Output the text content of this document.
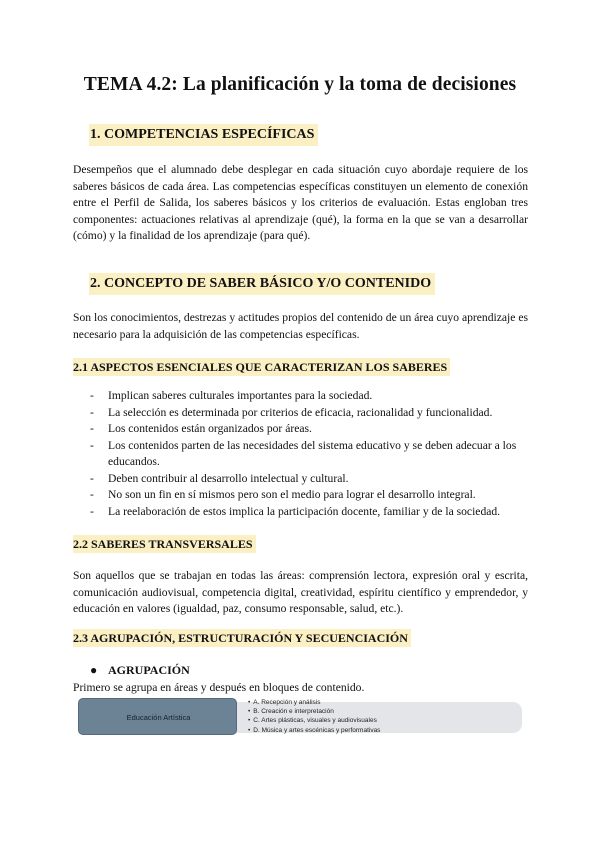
TEMA 4.2: La planificación y la toma de decisiones
1. COMPETENCIAS ESPECÍFICAS

Desempeños que el alumnado debe desplegar en cada situación cuyo abordaje requiere de los saberes básicos de cada área. Las competencias específicas constituyen un elemento de conexión entre el Perfil de Salida, los saberes básicos y los criterios de evaluación. Estas engloban tres componentes: actuaciones relativas al aprendizaje (qué), la forma en la que se van a desarrollar (cómo) y la finalidad de los aprendizaje (para qué).

2. CONCEPTO DE SABER BÁSICO Y/O CONTENIDO

Son los conocimientos, destrezas y actitudes propios del contenido de un área cuyo aprendizaje es necesario para la adquisición de las competencias específicas.

2.1 ASPECTOS ESENCIALES QUE CARACTERIZAN LOS SABERES
- Implican saberes culturales importantes para la sociedad.
- La selección es determinada por criterios de eficacia, racionalidad y funcionalidad.
- Los contenidos están organizados por áreas.
- Los contenidos parten de las necesidades del sistema educativo y se deben adecuar a los educandos.
- Deben contribuir al desarrollo intelectual y cultural.
- No son un fin en sí mismos pero son el medio para lograr el desarrollo integral.
- La reelaboración de estos implica la participación docente, familiar y de la sociedad.
2.2 SABERES TRANSVERSALES

Son aquellos que se trabajan en todas las áreas: comprensión lectora, expresión oral y escrita, comunicación audiovisual, competencia digital, creatividad, espíritu científico y emprendedor, y educación en valores (igualdad, paz, consumo responsable, salud, etc.).

2.3 AGRUPACIÓN, ESTRUCTURACIÓN Y SECUENCIACIÓN
● AGRUPACIÓN

Primero se agrupa en áreas y después en bloques de contenido.

Educación Artística
• A. Recepción y análisis
• B. Creación e interpretación
• C. Artes plásticas, visuales y audiovisuales
• D. Música y artes escénicas y performativas
